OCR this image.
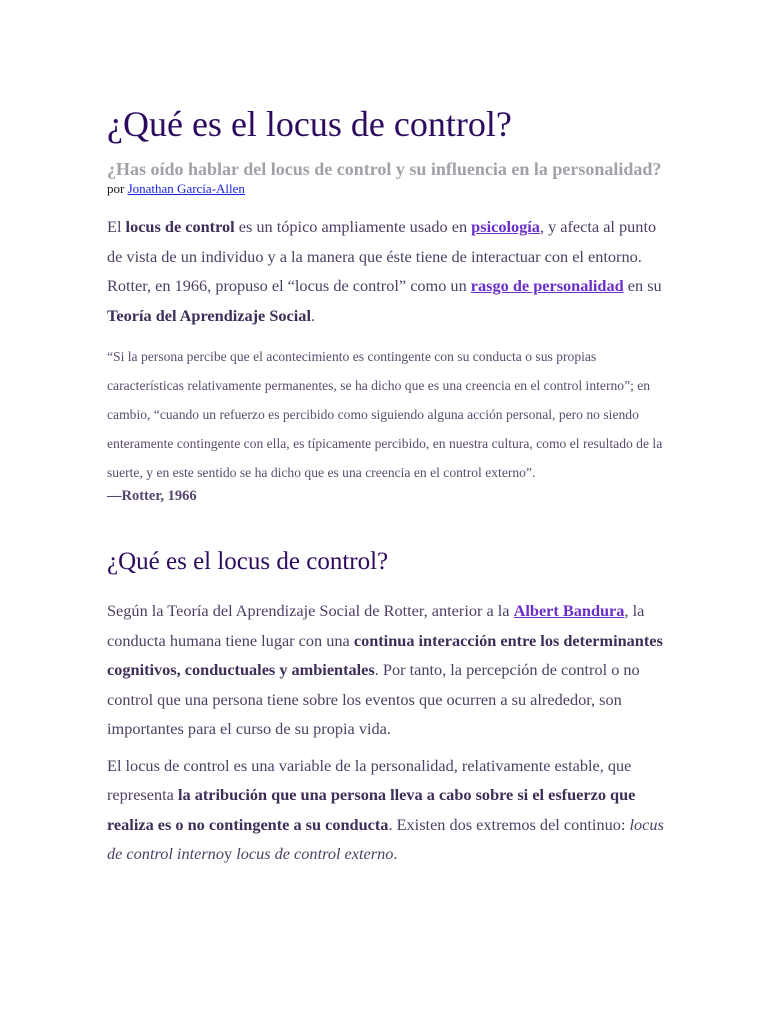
¿Qué es el locus de control?
¿Has oído hablar del locus de control y su influencia en la personalidad?
por Jonathan García-Allen

El locus de control es un tópico ampliamente usado en psicología, y afecta al punto de vista de un individuo y a la manera que éste tiene de interactuar con el entorno. Rotter, en 1966, propuso el “locus de control” como un rasgo de personalidad en su Teoría del Aprendizaje Social.

“Si la persona percibe que el acontecimiento es contingente con su conducta o sus propias características relativamente permanentes, se ha dicho que es una creencia en el control interno”; en cambio, “cuando un refuerzo es percibido como siguiendo alguna acción personal, pero no siendo enteramente contingente con ella, es típicamente percibido, en nuestra cultura, como el resultado de la suerte, y en este sentido se ha dicho que es una creencia en el control externo”.

—Rotter, 1966

¿Qué es el locus de control?

Según la Teoría del Aprendizaje Social de Rotter, anterior a la Albert Bandura, la conducta humana tiene lugar con una continua interacción entre los determinantes cognitivos, conductuales y ambientales. Por tanto, la percepción de control o no control que una persona tiene sobre los eventos que ocurren a su alrededor, son importantes para el curso de su propia vida.

El locus de control es una variable de la personalidad, relativamente estable, que representa la atribución que una persona lleva a cabo sobre si el esfuerzo que realiza es o no contingente a su conducta. Existen dos extremos del continuo: locus de control internoy locus de control externo.
